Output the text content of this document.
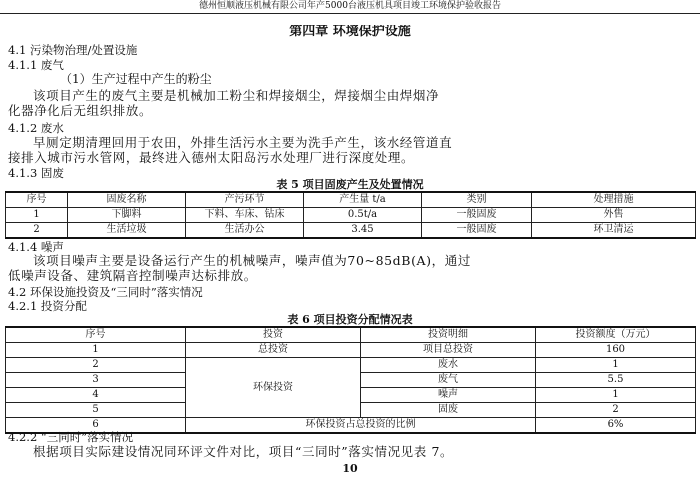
德州恒顺液压机械有限公司年产5000台液压机具项目竣工环境保护验收报告
第四章 环境保护设施
4.1 污染物治理/处置设施
4.1.1 废气
（1）生产过程中产生的粉尘
该项目产生的废气主要是机械加工粉尘和焊接烟尘，焊接烟尘由焊烟净
化器净化后无组织排放。
4.1.2 废水
早厕定期清理回用于农田，外排生活污水主要为洗手产生，该水经管道直
接排入城市污水管网，最终进入德州太阳岛污水处理厂进行深度处理。
4.1.3 固废
表 5 项目固废产生及处置情况
序号	固废名称	产污环节	产生量 t/a	类别	处理措施
1	下脚料	下料、车床、钻床	0.5t/a	一般固废	外售
2	生活垃圾	生活办公	3.45	一般固废	环卫清运
4.1.4 噪声
该项目噪声主要是设备运行产生的机械噪声，噪声值为70~85dB(A)，通过
低噪声设备、建筑隔音控制噪声达标排放。
4.2 环保设施投资及“三同时”落实情况
4.2.1 投资分配
表 6 项目投资分配情况表
序号	投资	投资明细	投资额度（万元）
1	总投资	项目总投资	160
2	环保投资	废水	1
3		废气	5.5
4		噪声	1
5		固废	2
6	环保投资占总投资的比例		6%
4.2.2 “三同时”落实情况
根据项目实际建设情况同环评文件对比，项目“三同时”落实情况见表 7。
10
